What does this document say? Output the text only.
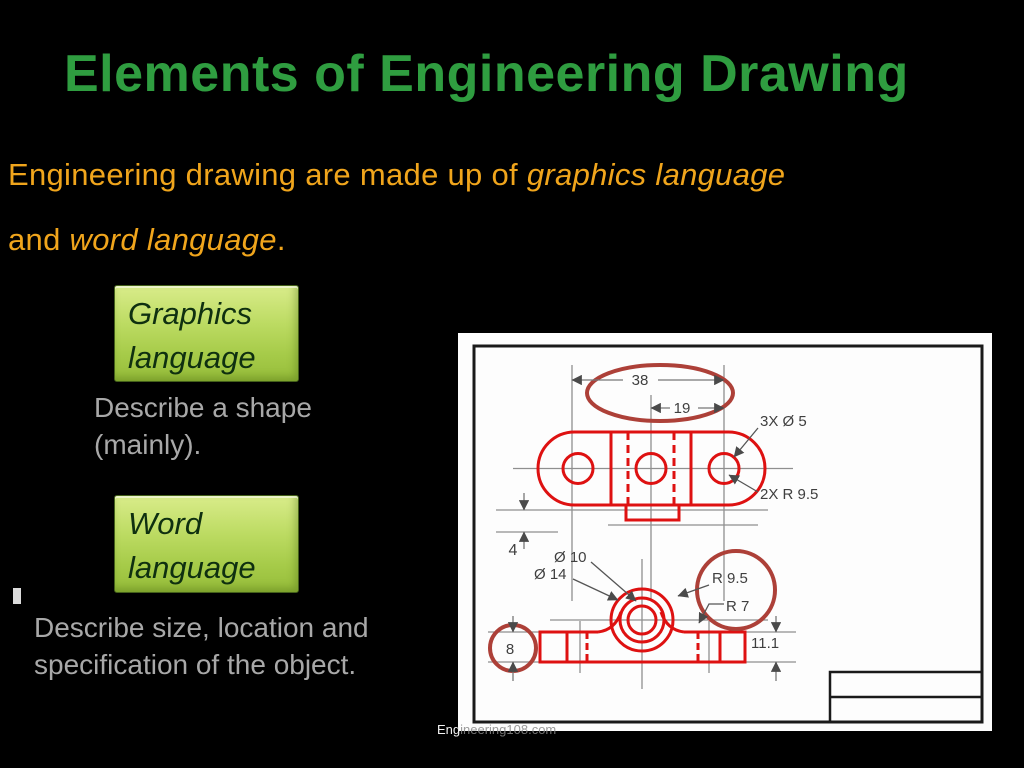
Elements of Engineering Drawing
Engineering drawing are made up of graphics language
and word language.
Graphics
language
Describe a shape
(mainly).
Word
language
Describe size, location and
specification of the object.
38
19
4
3X Ø 5
2X R 9.5
Ø 10
Ø 14	R 9.5
R 7
8	11.1
Engineering108.com
